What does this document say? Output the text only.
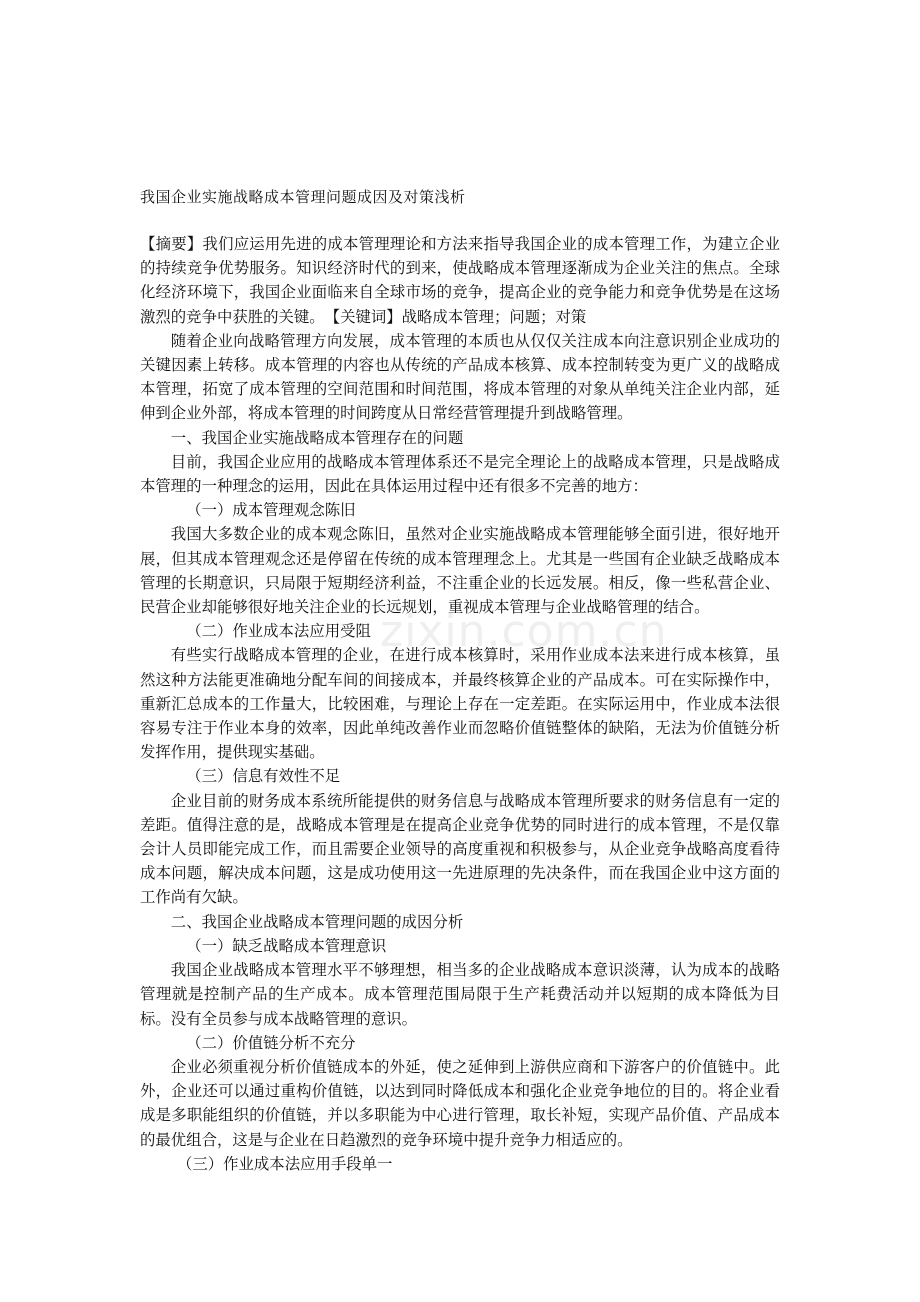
我国企业实施战略成本管理问题成因及对策浅析

【摘要】我们应运用先进的成本管理理论和方法来指导我国企业的成本管理工作，为建立企业的持续竞争优势服务。知识经济时代的到来，使战略成本管理逐渐成为企业关注的焦点。全球化经济环境下，我国企业面临来自全球市场的竞争，提高企业的竞争能力和竞争优势是在这场激烈的竞争中获胜的关键。　【关键词】战略成本管理；问题；对策

随着企业向战略管理方向发展，成本管理的本质也从仅仅关注成本向注意识别企业成功的关键因素上转移。成本管理的内容也从传统的产品成本核算、成本控制转变为更广义的战略成本管理，拓宽了成本管理的空间范围和时间范围，将成本管理的对象从单纯关注企业内部，延伸到企业外部，将成本管理的时间跨度从日常经营管理提升到战略管理。

一、我国企业实施战略成本管理存在的问题

目前，我国企业应用的战略成本管理体系还不是完全理论上的战略成本管理，只是战略成本管理的一种理念的运用，因此在具体运用过程中还有很多不完善的地方：

（一）成本管理观念陈旧

我国大多数企业的成本观念陈旧，虽然对企业实施战略成本管理能够全面引进，很好地开展，但其成本管理观念还是停留在传统的成本管理理念上。尤其是一些国有企业缺乏战略成本管理的长期意识，只局限于短期经济利益，不注重企业的长远发展。相反，像一些私营企业、民营企业却能够很好地关注企业的长远规划，重视成本管理与企业战略管理的结合。

（二）作业成本法应用受阻

有些实行战略成本管理的企业，在进行成本核算时，采用作业成本法来进行成本核算，虽然这种方法能更准确地分配车间的间接成本，并最终核算企业的产品成本。可在实际操作中，重新汇总成本的工作量大，比较困难，与理论上存在一定差距。在实际运用中，作业成本法很容易专注于作业本身的效率，因此单纯改善作业而忽略价值链整体的缺陷，无法为价值链分析发挥作用，提供现实基础。

（三）信息有效性不足

企业目前的财务成本系统所能提供的财务信息与战略成本管理所要求的财务信息有一定的差距。值得注意的是，战略成本管理是在提高企业竞争优势的同时进行的成本管理，不是仅靠会计人员即能完成工作，而且需要企业领导的高度重视和积极参与，从企业竞争战略高度看待成本问题，解决成本问题，这是成功使用这一先进原理的先决条件，而在我国企业中这方面的工作尚有欠缺。

二、我国企业战略成本管理问题的成因分析

（一）缺乏战略成本管理意识

我国企业战略成本管理水平不够理想，相当多的企业战略成本意识淡薄，认为成本的战略管理就是控制产品的生产成本。成本管理范围局限于生产耗费活动并以短期的成本降低为目标。没有全员参与成本战略管理的意识。

（二）价值链分析不充分

企业必须重视分析价值链成本的外延，使之延伸到上游供应商和下游客户的价值链中。此外，企业还可以通过重构价值链，以达到同时降低成本和强化企业竞争地位的目的。将企业看成是多职能组织的价值链，并以多职能为中心进行管理，取长补短，实现产品价值、产品成本的最优组合，这是与企业在日趋激烈的竞争环境中提升竞争力相适应的。

（三）作业成本法应用手段单一

zixin.com.cn
